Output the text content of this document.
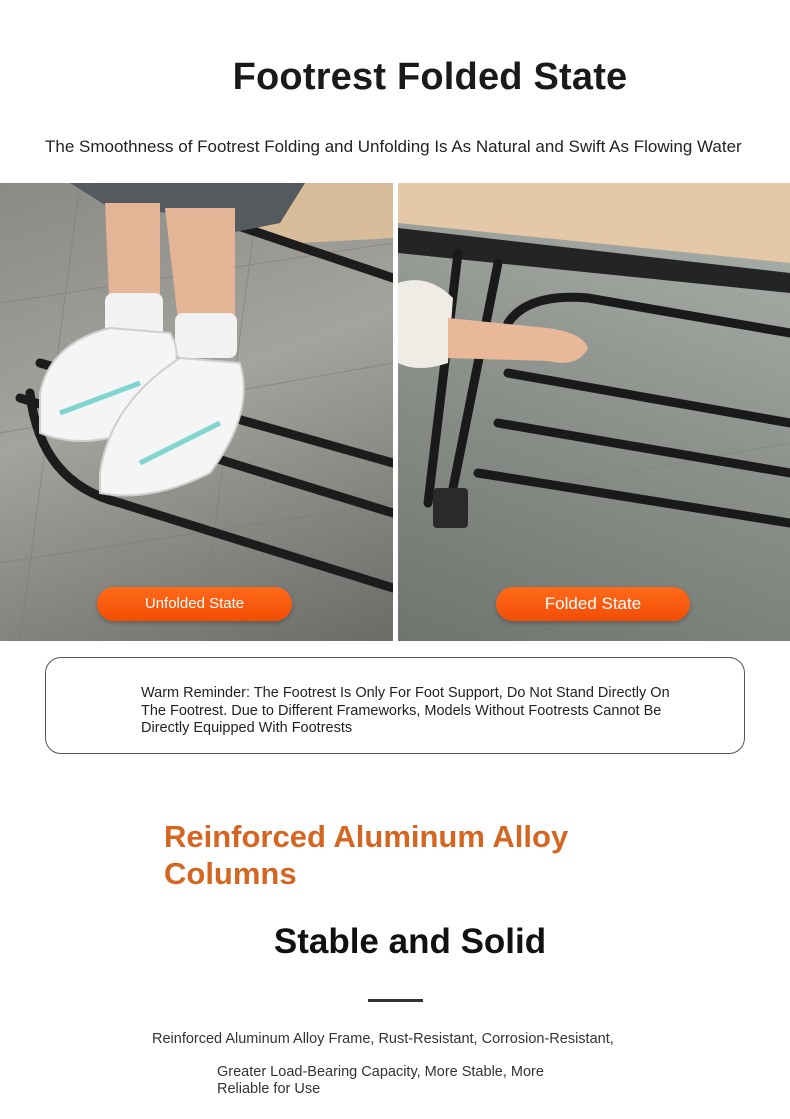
Footrest Folded State
The Smoothness of Footrest Folding and Unfolding Is As Natural and Swift As Flowing Water
Unfolded State	Folded State
Warm Reminder: The Footrest Is Only For Foot Support, Do Not Stand Directly On The Footrest. Due to Different Frameworks, Models Without Footrests Cannot Be Directly Equipped With Footrests
Reinforced Aluminum Alloy Columns
Stable and Solid
Reinforced Aluminum Alloy Frame, Rust-Resistant, Corrosion-Resistant,
Greater Load-Bearing Capacity, More Stable, More Reliable for Use
